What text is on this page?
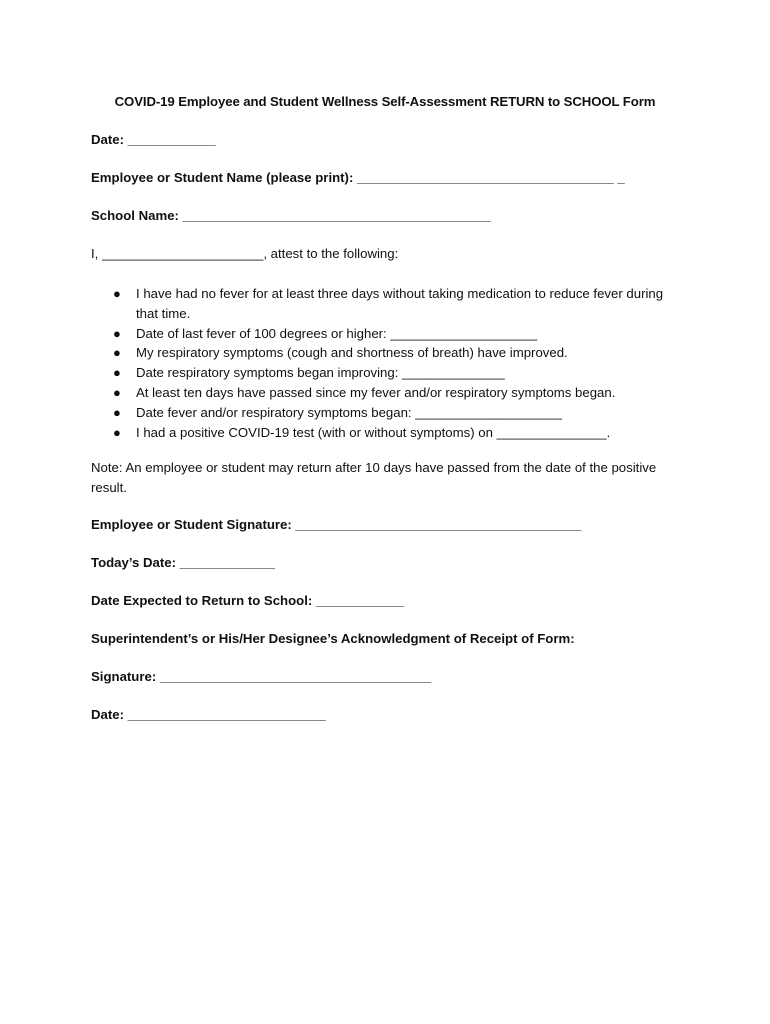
COVID-19 Employee and Student Wellness Self-Assessment RETURN to SCHOOL Form
Date: ____________
Employee or Student Name (please print): ___________________________________ _
School Name: __________________________________________
I, ______________________, attest to the following:
● I have had no fever for at least three days without taking medication to reduce fever during that time.
● Date of last fever of 100 degrees or higher: ____________________
● My respiratory symptoms (cough and shortness of breath) have improved.
● Date respiratory symptoms began improving: ______________
● At least ten days have passed since my fever and/or respiratory symptoms began.
● Date fever and/or respiratory symptoms began: ____________________
● I had a positive COVID-19 test (with or without symptoms) on _______________.
Note: An employee or student may return after 10 days have passed from the date of the positive result.
Employee or Student Signature: _______________________________________
Today’s Date: _____________
Date Expected to Return to School: ____________
Superintendent’s or His/Her Designee’s Acknowledgment of Receipt of Form:
Signature: _____________________________________
Date: ___________________________
